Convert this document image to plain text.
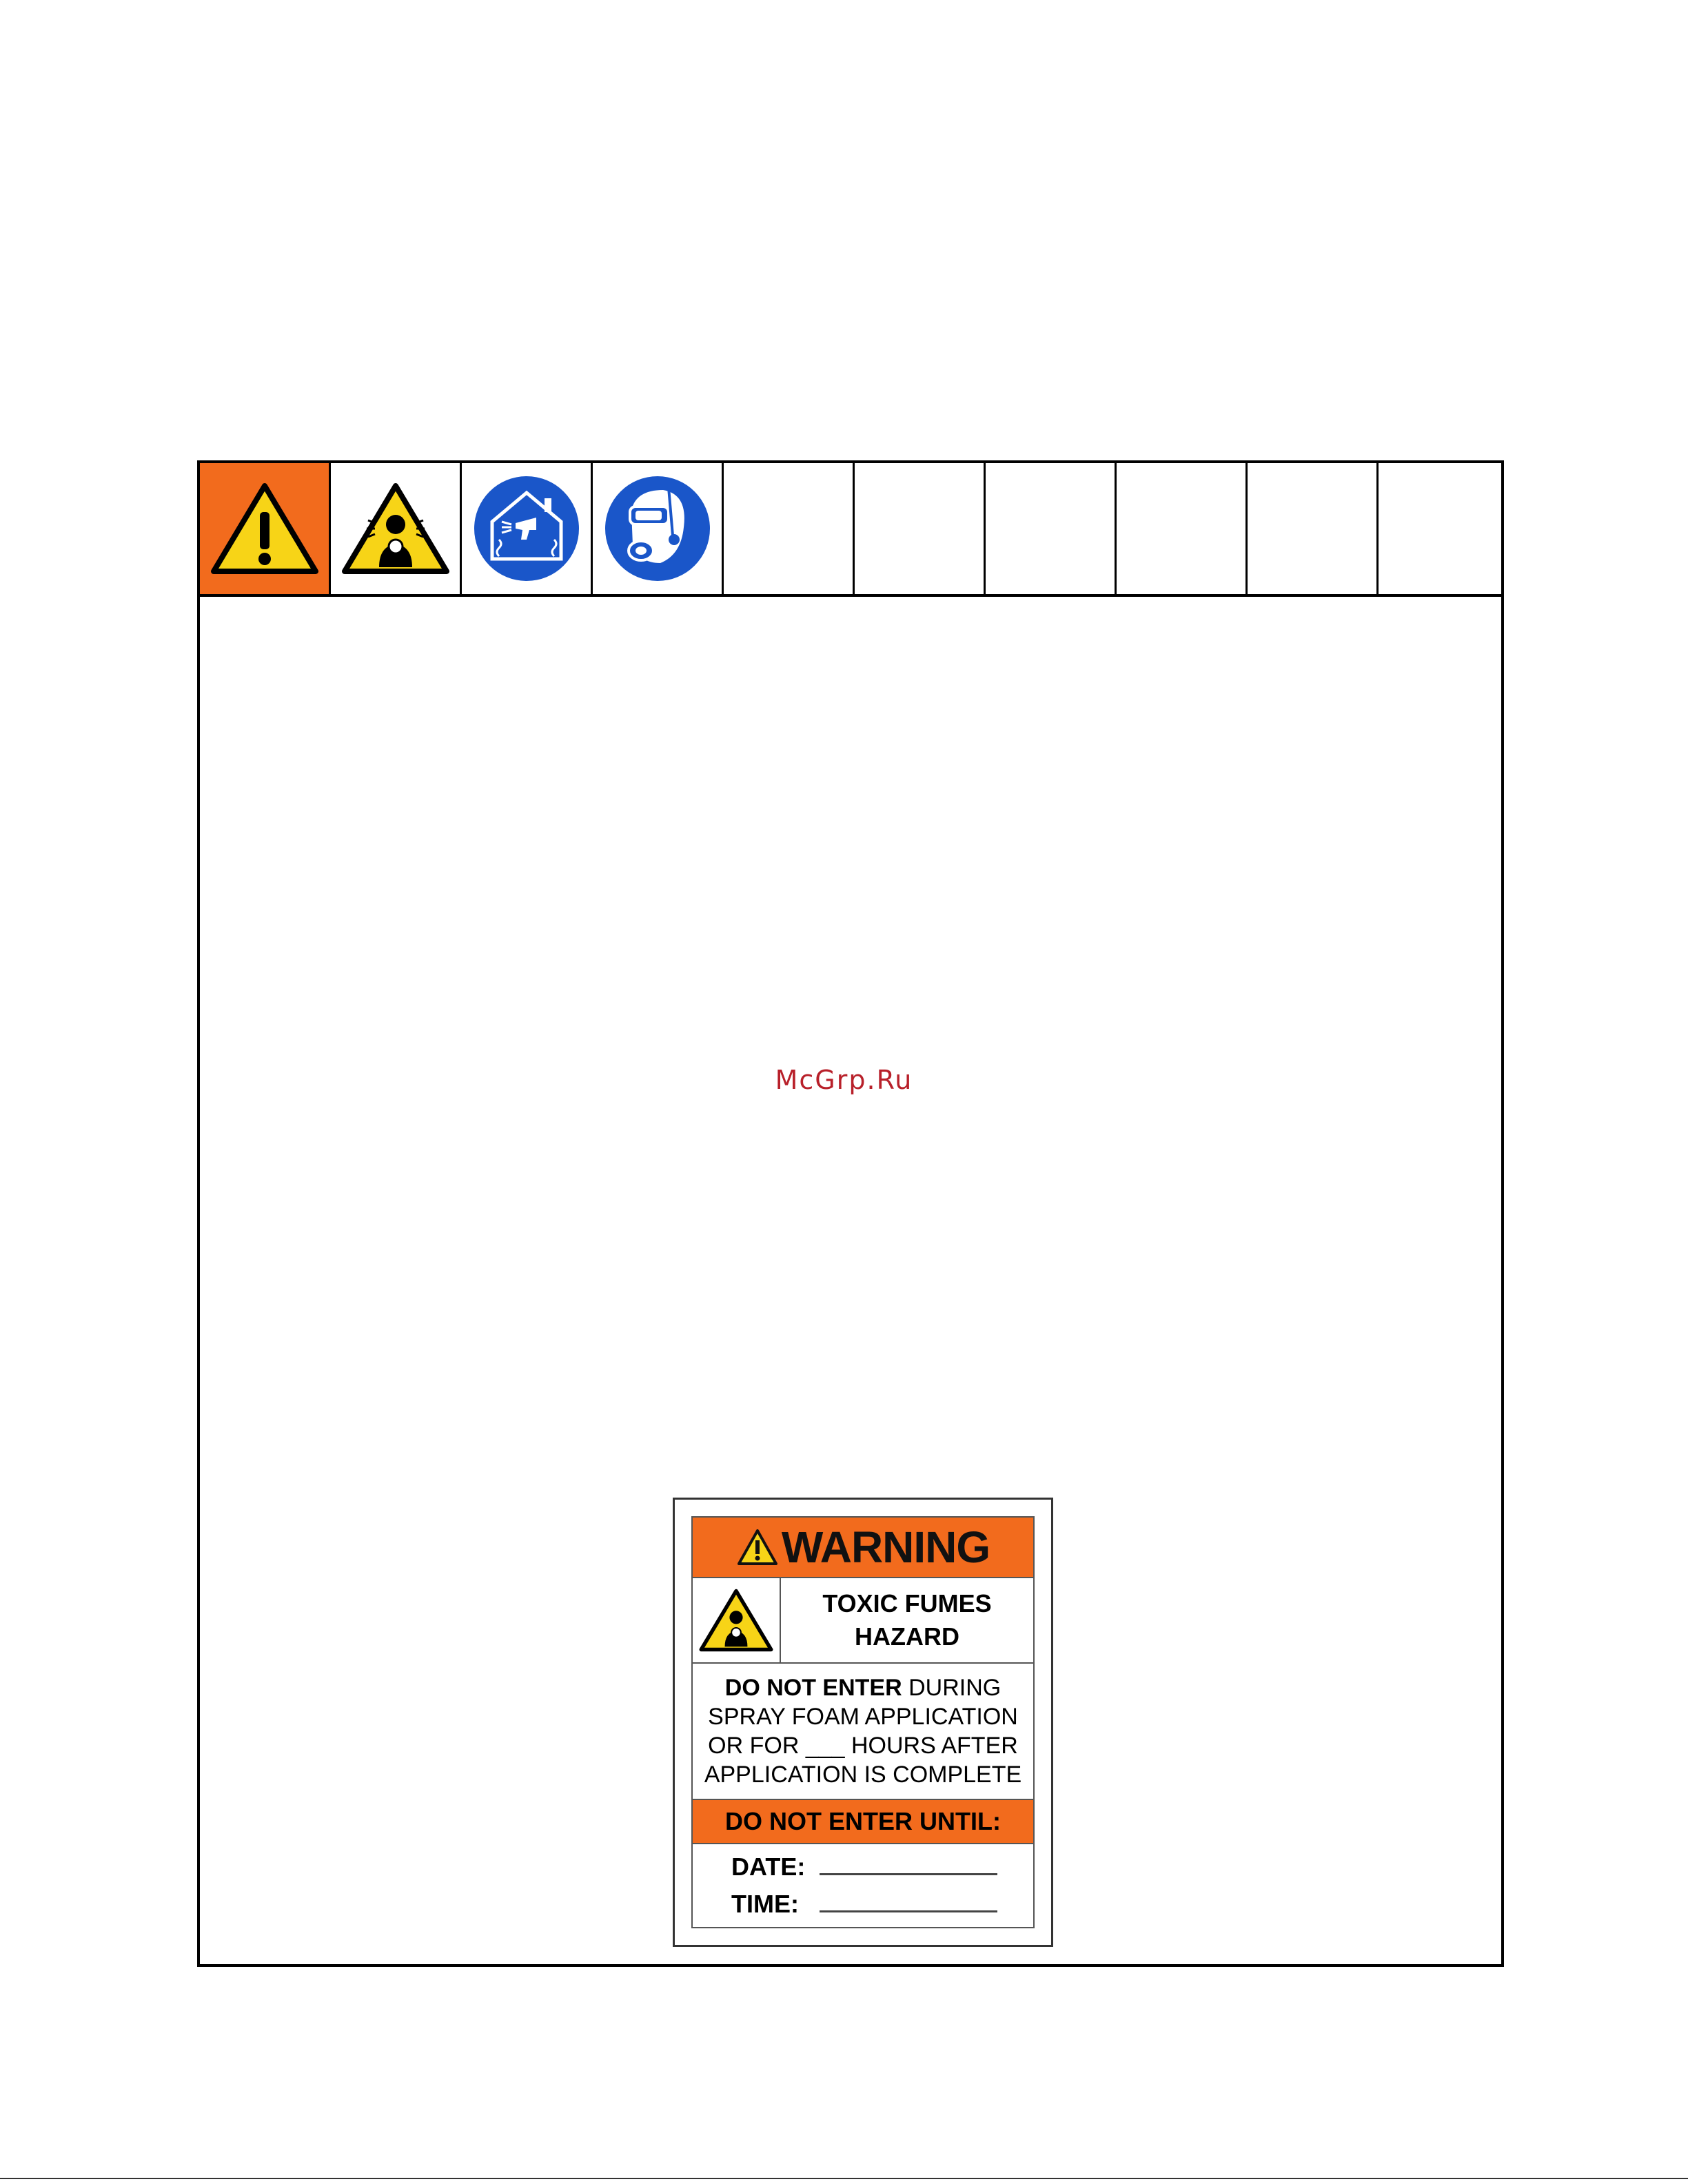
McGrp.Ru
WARNING
TOXIC FUMES
HAZARD
DO NOT ENTER DURING
SPRAY FOAM APPLICATION
OR FOR ___ HOURS AFTER
APPLICATION IS COMPLETE
DO NOT ENTER UNTIL:
DATE:
TIME:
